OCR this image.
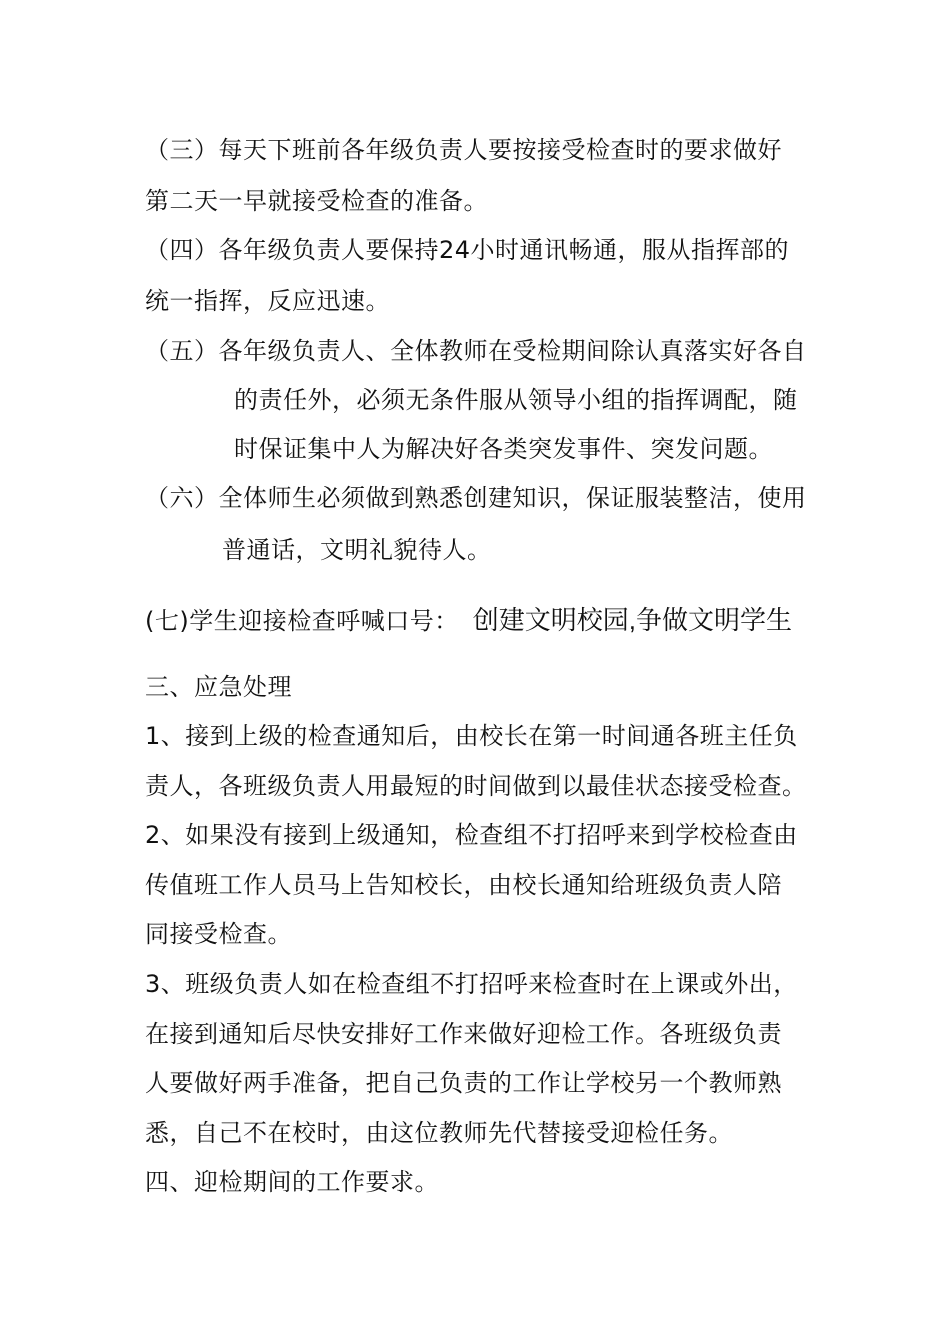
（三）每天下班前各年级负责人要按接受检查时的要求做好
第二天一早就接受检查的准备。
（四）各年级负责人要保持24小时通讯畅通，服从指挥部的
统一指挥，反应迅速。
（五）各年级负责人、全体教师在受检期间除认真落实好各自
的责任外，必须无条件服从领导小组的指挥调配，随
时保证集中人为解决好各类突发事件、突发问题。
（六）全体师生必须做到熟悉创建知识，保证服装整洁，使用
普通话，文明礼貌待人。
(七)学生迎接检查呼喊口号： 创建文明校园,争做文明学生
三、应急处理
1、接到上级的检查通知后，由校长在第一时间通各班主任负
责人，各班级负责人用最短的时间做到以最佳状态接受检查。
2、如果没有接到上级通知，检查组不打招呼来到学校检查由
传值班工作人员马上告知校长，由校长通知给班级负责人陪
同接受检查。
3、班级负责人如在检查组不打招呼来检查时在上课或外出，
在接到通知后尽快安排好工作来做好迎检工作。各班级负责
人要做好两手准备，把自己负责的工作让学校另一个教师熟
悉，自己不在校时，由这位教师先代替接受迎检任务。
四、迎检期间的工作要求。
